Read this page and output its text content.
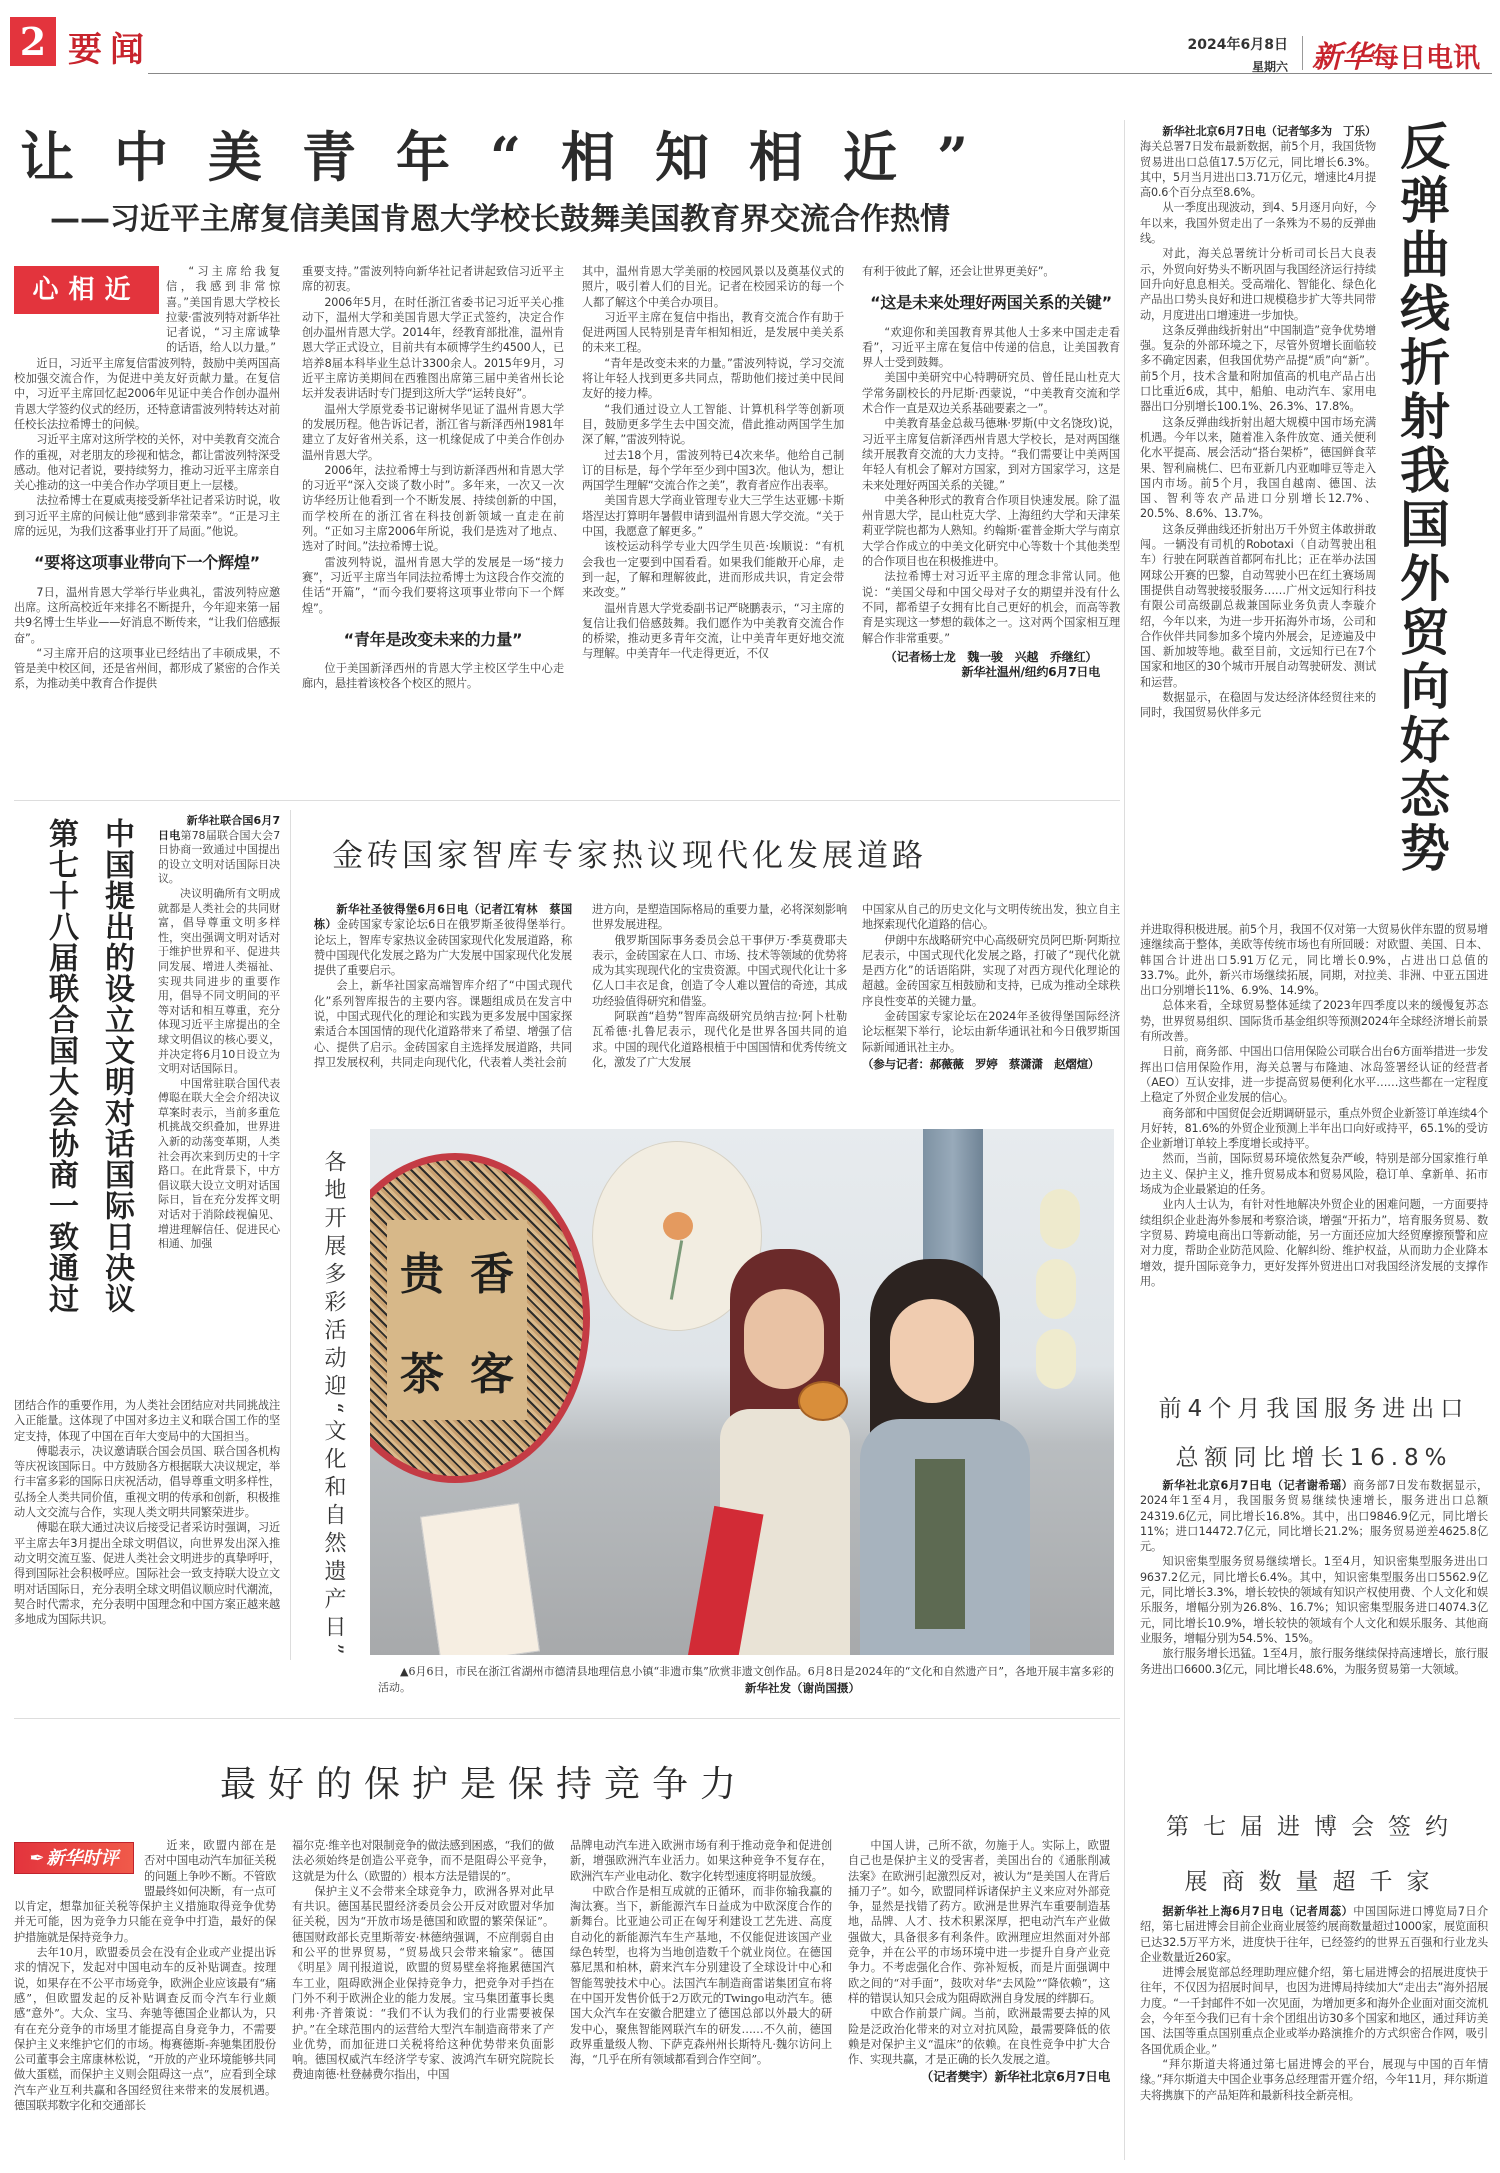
2 要闻	2024年6月8日
星期六 新华每日电讯
让中美青年“相知相近”
——习近平主席复信美国肯恩大学校长鼓舞美国教育界交流合作热情
心相近

“习主席给我复信，我感到非常惊喜。”美国肯恩大学校长拉蒙·雷波列特对新华社记者说，“习主席诚挚的话语，给人以力量。”

近日，习近平主席复信雷波列特，鼓励中美两国高校加强交流合作，为促进中美友好贡献力量。在复信中，习近平主席回忆起2006年见证中美合作创办温州肯恩大学签约仪式的经历，还特意请雷波列特转达对前任校长法拉希博士的问候。

习近平主席对这所学校的关怀，对中美教育交流合作的重视，对老朋友的珍视和惦念，都让雷波列特深受感动。他对记者说，要持续努力，推动习近平主席亲自关心推动的这一中美合作办学项目更上一层楼。

法拉希博士在夏威夷接受新华社记者采访时说，收到习近平主席的问候让他“感到非常荣幸”。“正是习主席的远见，为我们这番事业打开了局面。”他说。

“要将这项事业带向下一个辉煌”

7日，温州肯恩大学举行毕业典礼，雷波列特应邀出席。这所高校近年来排名不断提升，今年迎来第一届共9名博士生毕业——好消息不断传来，“让我们倍感振奋”。

“习主席开启的这项事业已经结出了丰硕成果，不管是美中校区间，还是省州间，都形成了紧密的合作关系，为推动美中教育合作提供

重要支持。”雷波列特向新华社记者讲起致信习近平主席的初衷。

2006年5月，在时任浙江省委书记习近平关心推动下，温州大学和美国肯恩大学正式签约，决定合作创办温州肯恩大学。2014年，经教育部批准，温州肯恩大学正式设立，目前共有本硕博学生约4500人，已培养8届本科毕业生总计3300余人。2015年9月，习近平主席访美期间在西雅图出席第三届中美省州长论坛并发表讲话时专门提到这所大学“运转良好”。

温州大学原党委书记谢树华见证了温州肯恩大学的发展历程。他告诉记者，浙江省与新泽西州1981年建立了友好省州关系，这一机缘促成了中美合作创办温州肯恩大学。

2006年，法拉希博士与到访新泽西州和肯恩大学的习近平“深入交谈了数小时”。多年来，一次又一次访华经历让他看到一个不断发展、持续创新的中国，而学校所在的浙江省在科技创新领域一直走在前列。“正如习主席2006年所说，我们是选对了地点、选对了时间。”法拉希博士说。

雷波列特说，温州肯恩大学的发展是一场“接力赛”，习近平主席当年同法拉希博士为这段合作交流的佳话“开篇”，“而今我们要将这项事业带向下一个辉煌”。

“青年是改变未来的力量”

位于美国新泽西州的肯恩大学主校区学生中心走廊内，悬挂着该校各个校区的照片。

其中，温州肯恩大学美丽的校园风景以及奠基仪式的照片，吸引着人们的目光。记者在校园采访的每一个人都了解这个中美合办项目。

习近平主席在复信中指出，教育交流合作有助于促进两国人民特别是青年相知相近，是发展中美关系的未来工程。

“青年是改变未来的力量。”雷波列特说，学习交流将让年轻人找到更多共同点，帮助他们接过美中民间友好的接力棒。

“我们通过设立人工智能、计算机科学等创新项目，鼓励更多学生去中国交流，借此推动两国学生加深了解，”雷波列特说。

过去18个月，雷波列特已4次来华。他给自己制订的目标是，每个学年至少到中国3次。他认为，想让两国学生理解“交流合作之美”，教育者应作出表率。

美国肯恩大学商业管理专业大三学生达亚娜·卡斯塔涅达打算明年暑假申请到温州肯恩大学交流。“关于中国，我愿意了解更多。”

该校运动科学专业大四学生贝芭·埃顺说：“有机会我也一定要到中国看看。如果我们能敞开心扉，走到一起，了解和理解彼此，进而形成共识，肯定会带来改变。”

温州肯恩大学党委副书记严晓鹏表示，“习主席的复信让我们倍感鼓舞。我们愿作为中美教育交流合作的桥梁，推动更多青年交流，让中美青年更好地交流与理解。中美青年一代走得更近，不仅

有利于彼此了解，还会让世界更美好”。

“这是未来处理好两国关系的关键”

“欢迎你和美国教育界其他人士多来中国走走看看”，习近平主席在复信中传递的信息，让美国教育界人士受到鼓舞。

美国中美研究中心特聘研究员、曾任昆山杜克大学常务副校长的丹尼斯·西蒙说，“中美教育交流和学术合作一直是双边关系基础要素之一”。

中美教育基金总裁马德琳·罗斯(中文名饶玫)说，习近平主席复信新泽西州肯恩大学校长，是对两国继续开展教育交流的大力支持。“我们需要让中美两国年轻人有机会了解对方国家，到对方国家学习，这是未来处理好两国关系的关键。”

中美各种形式的教育合作项目快速发展。除了温州肯恩大学，昆山杜克大学、上海纽约大学和天津茱莉亚学院也都为人熟知。约翰斯·霍普金斯大学与南京大学合作成立的中美文化研究中心等数十个其他类型的合作项目也在积极推进中。

法拉希博士对习近平主席的理念非常认同。他说：“美国父母和中国父母对子女的期望并没有什么不同，都希望子女拥有比自己更好的机会，而高等教育是实现这一梦想的载体之一。这对两个国家相互理解合作非常重要。”

（记者杨士龙　魏一骏　兴越　乔继红）
新华社温州/纽约6月7日电	反弹曲线折射我国外贸向好态势

新华社北京6月7日电（记者邹多为　丁乐）海关总署7日发布最新数据，前5个月，我国货物贸易进出口总值17.5万亿元，同比增长6.3%。其中，5月当月进出口3.71万亿元，增速比4月提高0.6个百分点至8.6%。

从一季度出现波动，到4、5月逐月向好，今年以来，我国外贸走出了一条殊为不易的反弹曲线。

对此，海关总署统计分析司司长吕大良表示，外贸向好势头不断巩固与我国经济运行持续回升向好息息相关。受高端化、智能化、绿色化产品出口势头良好和进口规模稳步扩大等共同带动，月度进出口增速进一步加快。

这条反弹曲线折射出“中国制造”竞争优势增强。复杂的外部环境之下，尽管外贸增长面临较多不确定因素，但我国优势产品提“质”向“新”。前5个月，技术含量和附加值高的机电产品占出口比重近6成，其中，船舶、电动汽车、家用电器出口分别增长100.1%、26.3%、17.8%。

这条反弹曲线折射出超大规模中国市场充满机遇。今年以来，随着准入条件放宽、通关便利化水平提高、展会活动“搭台架桥”，德国鲜食苹果、智利扁桃仁、巴布亚新几内亚咖啡豆等走入国内市场。前5个月，我国自越南、德国、法国、智利等农产品进口分别增长12.7%、20.5%、8.6%、13.7%。

这条反弹曲线还折射出万千外贸主体敢拼敢闯。一辆没有司机的Robotaxi（自动驾驶出租车）行驶在阿联酋首都阿布扎比；正在举办法国网球公开赛的巴黎，自动驾驶小巴在红土赛场周围提供自动驾驶接驳服务……广州文远知行科技有限公司高级副总裁兼国际业务负责人李璇介绍，今年以来，为进一步开拓海外市场，公司和合作伙伴共同参加多个境内外展会，足迹遍及中国、新加坡等地。截至目前，文远知行已在7个国家和地区的30个城市开展自动驾驶研发、测试和运营。

数据显示，在稳固与发达经济体经贸往来的同时，我国贸易伙伴多元

并进取得积极进展。前5个月，我国不仅对第一大贸易伙伴东盟的贸易增速继续高于整体，美欧等传统市场也有所回暖：对欧盟、美国、日本、韩国合计进出口5.91万亿元，同比增长0.9%，占进出口总值的33.7%。此外，新兴市场继续拓展，同期，对拉美、非洲、中亚五国进出口分别增长11%、6.9%、14.9%。

总体来看，全球贸易整体延续了2023年四季度以来的缓慢复苏态势，世界贸易组织、国际货币基金组织等预测2024年全球经济增长前景有所改善。

日前，商务部、中国出口信用保险公司联合出台6方面举措进一步发挥出口信用保险作用，海关总署与布隆迪、冰岛签署经认证的经营者（AEO）互认安排，进一步提高贸易便利化水平……这些都在一定程度上稳定了外贸企业发展的信心。

商务部和中国贸促会近期调研显示，重点外贸企业新签订单连续4个月好转，81.6%的外贸企业预测上半年出口向好或持平，65.1%的受访企业新增订单较上季度增长或持平。

然而，当前，国际贸易环境依然复杂严峻，特别是部分国家推行单边主义、保护主义，推升贸易成本和贸易风险，稳订单、拿新单、拓市场成为企业最紧迫的任务。

业内人士认为，有针对性地解决外贸企业的困难问题，一方面要持续组织企业赴海外参展和考察洽谈，增强“开拓力”，培育服务贸易、数字贸易、跨境电商出口等新动能，另一方面还应加大经贸摩擦预警和应对力度，帮助企业防范风险、化解纠纷、维护权益，从而助力企业降本增效，提升国际竞争力，更好发挥外贸进出口对我国经济发展的支撑作用。

前4个月我国服务进出口
总额同比增长16.8%

新华社北京6月7日电（记者谢希瑶）商务部7日发布数据显示，2024年1至4月，我国服务贸易继续快速增长，服务进出口总额24319.6亿元，同比增长16.8%。其中，出口9846.9亿元，同比增长11%；进口14472.7亿元，同比增长21.2%；服务贸易逆差4625.8亿元。

知识密集型服务贸易继续增长。1至4月，知识密集型服务进出口9637.2亿元，同比增长6.4%。其中，知识密集型服务出口5562.9亿元，同比增长3.3%，增长较快的领域有知识产权使用费、个人文化和娱乐服务，增幅分别为26.8%、16.7%；知识密集型服务进口4074.3亿元，同比增长10.9%，增长较快的领域有个人文化和娱乐服务、其他商业服务，增幅分别为54.5%、15%。

旅行服务增长迅猛。1至4月，旅行服务继续保持高速增长，旅行服务进出口6600.3亿元，同比增长48.6%，为服务贸易第一大领域。

第七届进博会签约
展商数量超千家

据新华社上海6月7日电（记者周蕊）中国国际进口博览局7日介绍，第七届进博会目前企业商业展签约展商数量超过1000家，展览面积已达32.5万平方米，进度快于往年，已经签约的世界五百强和行业龙头企业数量近260家。

进博会展览部总经理助理应健介绍，第七届进博会的招展进度快于往年，不仅因为招展时间早，也因为进博局持续加大“走出去”海外招展力度。“一千封邮件不如一次见面，为增加更多和海外企业面对面交流机会，今年至今我们已有十余个团组出访30多个国家和地区，通过拜访美国、法国等重点国别重点企业或举办路演推介的方式织密合作网，吸引各国优质企业。”

“拜尔斯道夫将通过第七届进博会的平台，展现与中国的百年情缘。”拜尔斯道夫中国企业事务总经理雷开霆介绍，今年11月，拜尔斯道夫将携旗下的产品矩阵和最新科技全新亮相。

中国提出的设立文明对话国际日决议
第七十八届联合国大会协商一致通过	新华社联合国6月7日电第78届联合国大会7日协商一致通过中国提出的设立文明对话国际日决议。

决议明确所有文明成就都是人类社会的共同财富，倡导尊重文明多样性，突出强调文明对话对于维护世界和平、促进共同发展、增进人类福祉、实现共同进步的重要作用，倡导不同文明间的平等对话和相互尊重，充分体现习近平主席提出的全球文明倡议的核心要义，并决定将6月10日设立为文明对话国际日。

中国常驻联合国代表傅聪在联大全会介绍决议草案时表示，当前多重危机挑战交织叠加，世界进入新的动荡变革期，人类社会再次来到历史的十字路口。在此背景下，中方倡议联大设立文明对话国际日，旨在充分发挥文明对话对于消除歧视偏见、增进理解信任、促进民心相通、加强

团结合作的重要作用，为人类社会团结应对共同挑战注入正能量。这体现了中国对多边主义和联合国工作的坚定支持，体现了中国在百年大变局中的大国担当。

傅聪表示，决议邀请联合国会员国、联合国各机构等庆祝该国际日。中方鼓励各方根据联大决议规定，举行丰富多彩的国际日庆祝活动，倡导尊重文明多样性，弘扬全人类共同价值，重视文明的传承和创新，积极推动人文交流与合作，实现人类文明共同繁荣进步。

傅聪在联大通过决议后接受记者采访时强调，习近平主席去年3月提出全球文明倡议，向世界发出深入推动文明交流互鉴、促进人类社会文明进步的真挚呼吁，得到国际社会积极呼应。国际社会一致支持联大设立文明对话国际日，充分表明全球文明倡议顺应时代潮流，契合时代需求，充分表明中国理念和中国方案正越来越多地成为国际共识。

金砖国家智库专家热议现代化发展道路

新华社圣彼得堡6月6日电（记者江宥林　蔡国栋）金砖国家专家论坛6日在俄罗斯圣彼得堡举行。论坛上，智库专家热议金砖国家现代化发展道路，称赞中国现代化发展之路为广大发展中国家现代化发展提供了重要启示。

会上，新华社国家高端智库介绍了“中国式现代化”系列智库报告的主要内容。课题组成员在发言中说，中国式现代化的理论和实践为更多发展中国家探索适合本国国情的现代化道路带来了希望、增强了信心、提供了启示。金砖国家自主选择发展道路，共同捍卫发展权利，共同走向现代化，代表着人类社会前

进方向，是塑造国际格局的重要力量，必将深刻影响世界发展进程。

俄罗斯国际事务委员会总干事伊万·季莫费耶夫表示，金砖国家在人口、市场、技术等领域的优势将成为其实现现代化的宝贵资源。中国式现代化让十多亿人口丰衣足食，创造了令人难以置信的奇迹，其成功经验值得研究和借鉴。

阿联酋“趋势”智库高级研究员纳吉拉·阿卜杜勒瓦希德·扎鲁尼表示，现代化是世界各国共同的追求。中国的现代化道路根植于中国国情和优秀传统文化，激发了广大发展

中国家从自己的历史文化与文明传统出发，独立自主地探索现代化道路的信心。

伊朗中东战略研究中心高级研究员阿巴斯·阿斯拉尼表示，中国式现代化发展之路，打破了“现代化就是西方化”的话语陷阱，实现了对西方现代化理论的超越。金砖国家互相鼓励和支持，已成为推动全球秩序良性变革的关键力量。

金砖国家专家论坛在2024年圣彼得堡国际经济论坛框架下举行，论坛由新华通讯社和今日俄罗斯国际新闻通讯社主办。

（参与记者：郝薇薇　罗婷　蔡潇潇　赵熠煊）
各地开展多彩活动迎“文化和自然遗产日” 贵 香
茶 客
▲6月6日，市民在浙江省湖州市德清县地理信息小镇“非遗市集”欣赏非遗文创作品。6月8日是2024年的“文化和自然遗产日”，各地开展丰富多彩的活动。	新华社发（谢尚国摄）
最好的保护是保持竞争力
✒ 新华时评

近来，欧盟内部在是否对中国电动汽车加征关税的问题上争吵不断。不管欧盟最终如何决断，有一点可以肯定，想靠加征关税等保护主义措施取得竞争优势并无可能，因为竞争力只能在竞争中打造，最好的保护措施就是保持竞争力。

去年10月，欧盟委员会在没有企业或产业提出诉求的情况下，发起对中国电动车的反补贴调查。按理说，如果存在不公平市场竞争，欧洲企业应该最有“痛感”，但欧盟发起的反补贴调查反而令汽车行业颇感“意外”。大众、宝马、奔驰等德国企业都认为，只有在充分竞争的市场里才能提高自身竞争力，不需要保护主义来维护它们的市场。梅赛德斯-奔驰集团股份公司董事会主席康林松说，“开放的产业环境能够共同做大蛋糕，而保护主义则会阻碍这一点”，应看到全球汽车产业互利共赢和各国经贸往来带来的发展机遇。德国联邦数字化和交通部长

福尔克·维辛也对限制竞争的做法感到困惑，“我们的做法必须始终是创造公平竞争，而不是阻碍公平竞争，这就是为什么（欧盟的）根本方法是错误的”。

保护主义不会带来全球竞争力，欧洲各界对此早有共识。德国基民盟经济委员会公开反对欧盟对华加征关税，因为“开放市场是德国和欧盟的繁荣保证”。德国财政部长克里斯蒂安·林德纳强调，不应削弱自由和公平的世界贸易，“贸易战只会带来输家”。德国《明星》周刊报道说，欧盟的贸易壁垒将拖累德国汽车工业，阻碍欧洲企业保持竞争力，把竞争对手挡在门外不利于欧洲企业的能力发展。宝马集团董事长奥利弗·齐普策说：“我们不认为我们的行业需要被保护。”在全球范围内的运营给大型汽车制造商带来了产业优势，而加征进口关税将给这种优势带来负面影响。德国权威汽车经济学专家、波鸿汽车研究院院长费迪南德·杜登赫费尔指出，中国

品牌电动汽车进入欧洲市场有利于推动竞争和促进创新，增强欧洲汽车业活力。如果这种竞争不复存在，欧洲汽车产业电动化、数字化转型速度将明显放缓。

中欧合作是相互成就的正循环，而非你输我赢的淘汰赛。当下，新能源汽车日益成为中欧深度合作的新舞台。比亚迪公司正在匈牙利建设工艺先进、高度自动化的新能源汽车生产基地，不仅能促进该国产业绿色转型，也将为当地创造数千个就业岗位。在德国慕尼黑和柏林，蔚来汽车分别建设了全球设计中心和智能驾驶技术中心。法国汽车制造商雷诺集团宣布将在中国开发售价低于2万欧元的Twingo电动汽车。德国大众汽车在安徽合肥建立了德国总部以外最大的研发中心，聚焦智能网联汽车的研发……不久前，德国政界重量级人物、下萨克森州州长斯特凡·魏尔访问上海，“几乎在所有领域都看到合作空间”。

中国人讲，己所不欲，勿施于人。实际上，欧盟自己也是保护主义的受害者，美国出台的《通胀削减法案》在欧洲引起激烈反对，被认为“是美国人在背后捅刀子”。如今，欧盟同样诉诸保护主义来应对外部竞争，显然是找错了药方。欧洲是世界汽车重要制造基地，品牌、人才、技术积累深厚，把电动汽车产业做强做大，具备很多有利条件。欧洲理应坦然面对外部竞争，并在公平的市场环境中进一步提升自身产业竞争力。不考虑强化合作、弥补短板，而是片面强调中欧之间的“对手面”，鼓吹对华“去风险”“降依赖”，这样的错误认知只会成为阻碍欧洲自身发展的绊脚石。

中欧合作前景广阔。当前，欧洲最需要去掉的风险是泛政治化带来的对立对抗风险，最需要降低的依赖是对保护主义“温床”的依赖。在良性竞争中扩大合作、实现共赢，才是正确的长久发展之道。

（记者樊宇）新华社北京6月7日电
